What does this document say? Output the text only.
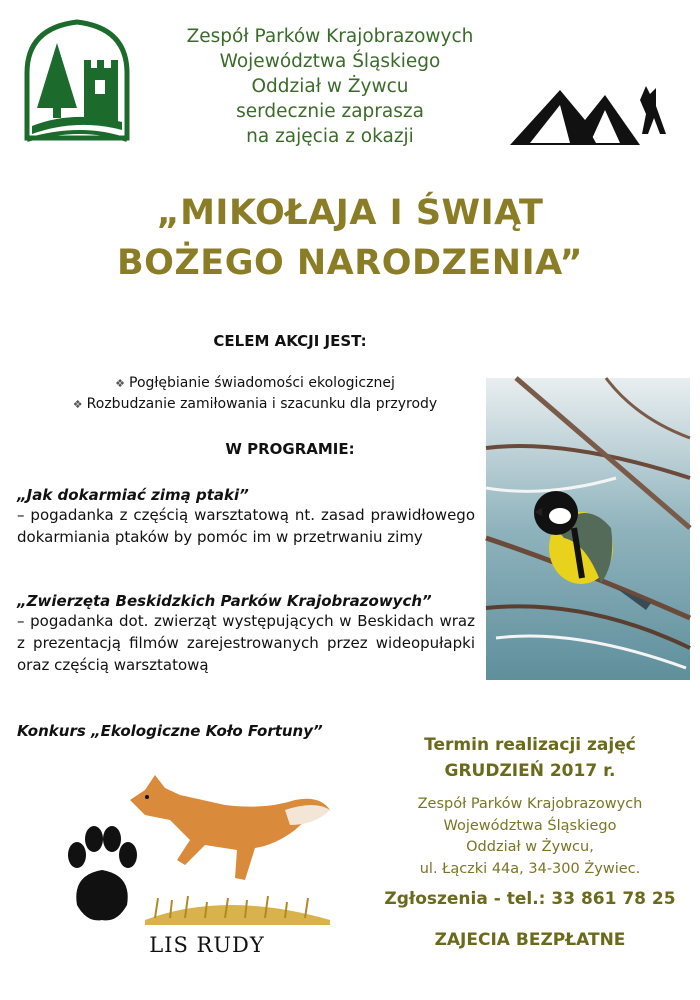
Zespół Parków Krajobrazowych
Województwa Śląskiego
Oddział w Żywcu
serdecznie zaprasza
na zajęcia z okazji
„MIKOŁAJA I ŚWIĄT
BOŻEGO NARODZENIA”
CELEM AKCJI JEST:
❖ Pogłębianie świadomości ekologicznej
❖ Rozbudzanie zamiłowania i szacunku dla przyrody
W PROGRAMIE:
„Jak dokarmiać zimą ptaki”
– pogadanka z częścią warsztatową nt. zasad prawidłowego dokarmiania ptaków by pomóc im w przetrwaniu zimy
„Zwierzęta Beskidzkich Parków Krajobrazowych”
– pogadanka dot. zwierząt występujących w Beskidach wraz z prezentacją filmów zarejestrowanych przez wideopułapki oraz częścią warsztatową
Konkurs „Ekologiczne Koło Fortuny”
LIS RUDY
Termin realizacji zajęć
GRUDZIEŃ 2017 r.
Zespół Parków Krajobrazowych
Województwa Śląskiego
Oddział w Żywcu,
ul. Łączki 44a, 34-300 Żywiec.
Zgłoszenia - tel.: 33 861 78 25
ZAJECIA BEZPŁATNE
